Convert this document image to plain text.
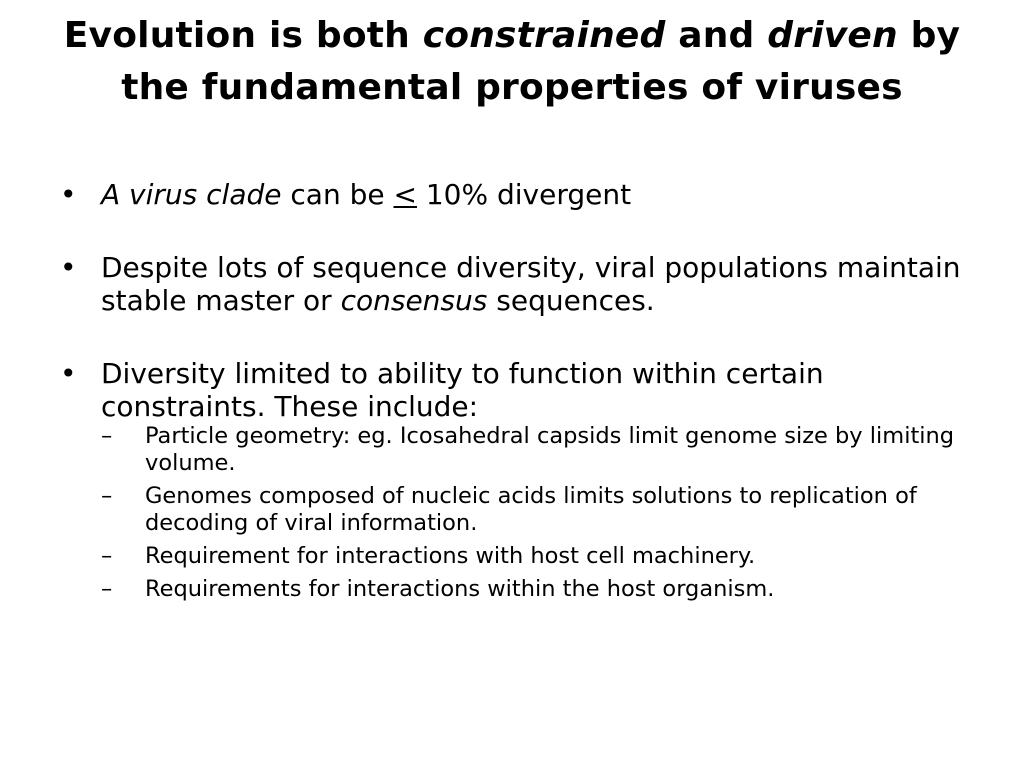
Evolution is both constrained and driven by the fundamental properties of viruses
• A virus clade can be ≤ 10% divergent
• Despite lots of sequence diversity, viral populations maintain stable master or consensus sequences.
• Diversity limited to ability to function within certain constraints. These include:
– Particle geometry: eg. Icosahedral capsids limit genome size by limiting volume.
– Genomes composed of nucleic acids limits solutions to replication of decoding of viral information.
– Requirement for interactions with host cell machinery.
– Requirements for interactions within the host organism.
